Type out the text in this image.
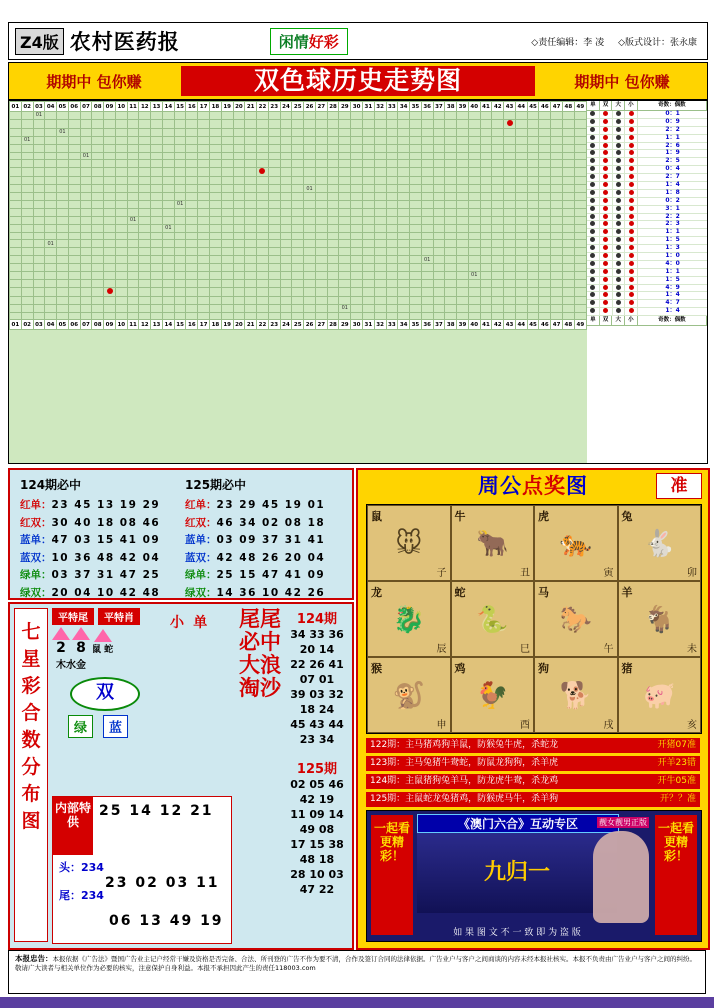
Z4版 农村医药报	闲情好彩	◇责任编辑：李 凌 ◇版式设计：张永康
期期中 包你赚	双色球历史走势图	期期中 包你赚
01	02	03	04	05	06	07	08	09	10	11	12	13	14	15	16	17	18	19	20	21	22	23	24	25	26	27	28	29	30	31	32	33	34	35	36	37	38	39	40	41	42	43	44	45	46	47	48	49
		01																																														

				01																																												
	01																																															

						01																																										

																									01																							

														01																																		

										01																																						
													01																																			

			01																																													

																																			01													

																																							01									

																												01																				

01	02	03	04	05	06	07	08	09	10	11	12	13	14	15	16	17	18	19	20	21	22	23	24	25	26	27	28	29	30	31	32	33	34	35	36	37	38	39	40	41	42	43	44	45	46	47	48	49
单	双	大	小	奇数：偶数
0：1
0：9
2：2
1：1
2：6
1：9
2：5
0：4
2：7
1：4
1：8
0：2
3：1
2：2
2：3
1：1
1：5
1：3
1：0
4：0
1：1
1：5
4：9
1：4
4：7
1：4
单	双	大	小	奇数：偶数
124期必中
红单：23 45 13 19 29
红双：30 40 18 08 46
蓝单：47 03 15 41 09
蓝双：10 36 48 42 04
绿单：03 37 31 47 25
绿双：20 04 10 42 48
125期必中
红单：23 29 45 19 01
红双：46 34 02 08 18
蓝单：03 09 37 31 41
蓝双：42 48 26 20 04
绿单：25 15 47 41 09
绿双：14 36 10 42 26
周公点奖图	准
鼠
🐭
子
牛
🐂
丑
虎
🐅
寅
兔
🐇
卯
龙
🐉
辰
蛇
🐍
巳
马
🐎
午
羊
🐐
未
猴
🐒
申
鸡
🐓
酉
狗
🐕
戌
猪
🐖
亥
122期：主马猪鸡狗羊鼠，防猴兔牛虎，杀蛇龙	开猪07准
123期：主马兔猪牛鸯蛇，防鼠龙狗狗，杀羊虎	开羊23错
124期：主鼠猪狗兔羊马，防龙虎牛鸯，杀龙鸡	开牛05准
125期：主鼠蛇龙兔猪鸡，防猴虎马牛，杀羊狗	开？？准
一起看 更精彩！
一起看 更精彩！
《澳门六合》互动专区
九归一
靓女靓男正版
如 果 图 文 不 一 致 即 为 盗 版
七星彩合数分布图
平特尾	平特肖
2 8 鼠 蛇
木水金
双
绿	蓝
小 单
内部特供
25 14 12 21
头：234
尾：234
23 02 03 11
06 13 49 19
尾尾必中大浪淘沙
124期
34 33 36 20 14
22 26 41 07 01
39 03 32 18 24
45 43 44 23 34
125期
02 05 46 42 19
11 09 14 49 08
17 15 38 48 18
28 10 03 47 22
本报忠告：本报依据《广告法》暨国广告业主记户经常干嫌及资格是否完备、合法、所刊登的广告不作为要不清，合作及签订合同的法律依据。广告业户与客户之间商谈的内容未经本报社核实。本报不负责由广告业户与客户之间的纠纷。敬请广大读者与相关单位作为必要的核实，注意保护自身利益。本报不承担因此产生的责任118003.com
